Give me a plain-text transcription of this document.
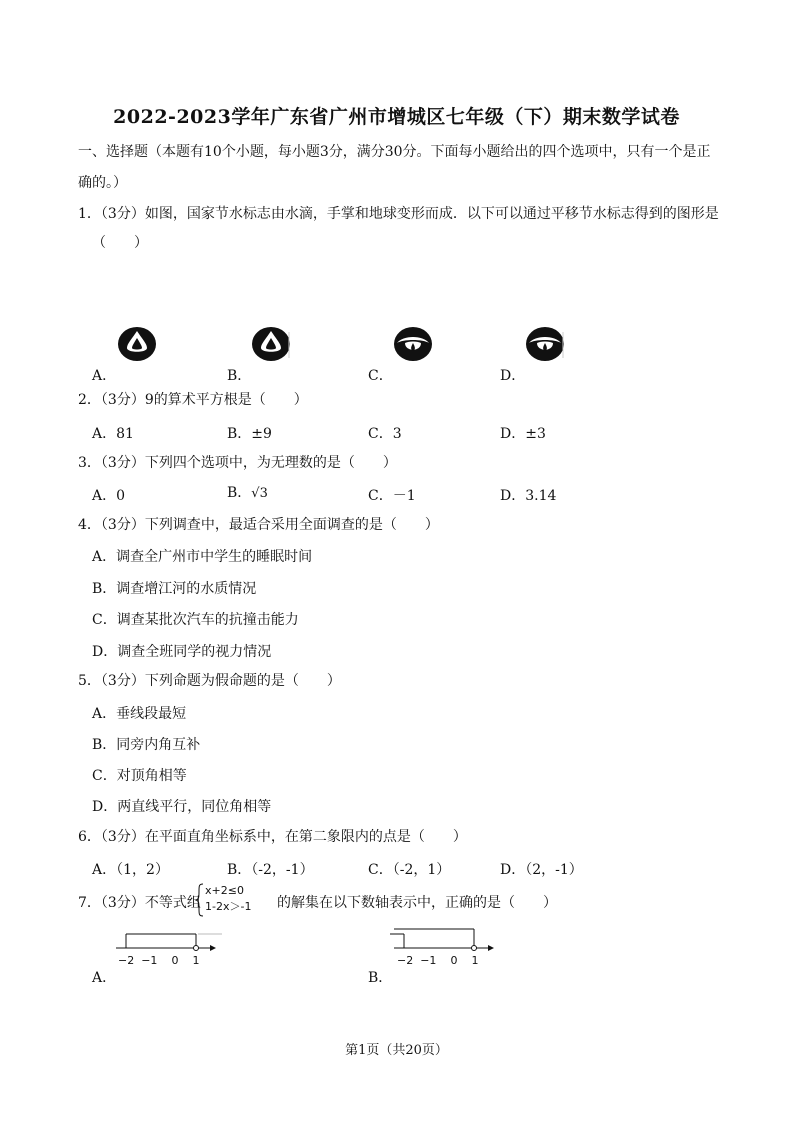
2022-2023学年广东省广州市增城区七年级（下）期末数学试卷
一、选择题（本题有10个小题，每小题3分，满分30分。下面每小题给出的四个选项中，只有一个是正
确的。）
1．（3分）如图，国家节水标志由水滴，手掌和地球变形而成．以下可以通过平移节水标志得到的图形是
（　　）
A．	B．	C．	D．
2．（3分）9的算术平方根是（　　）
A．81	B．±9	C．3	D．±3
3．（3分）下列四个选项中，为无理数的是（　　）
A．0	B．√3	C．－1	D．3.14
4．（3分）下列调查中，最适合采用全面调查的是（　　）
A．调查全广州市中学生的睡眠时间
B．调查增江河的水质情况
C．调查某批次汽车的抗撞击能力
D．调查全班同学的视力情况
5．（3分）下列命题为假命题的是（　　）
A．垂线段最短
B．同旁内角互补
C．对顶角相等
D．两直线平行，同位角相等
6．（3分）在平面直角坐标系中，在第二象限内的点是（　　）
A．（1，2）	B．（-2，-1）	C．（-2，1）	D．（2，-1）
7．（3分）不等式组
x+2≤0
1-2x＞-1 的解集在以下数轴表示中，正确的是（　　）
−2 −1 0 1
A．
−2 −1 0 1
B．
第1页（共20页）
